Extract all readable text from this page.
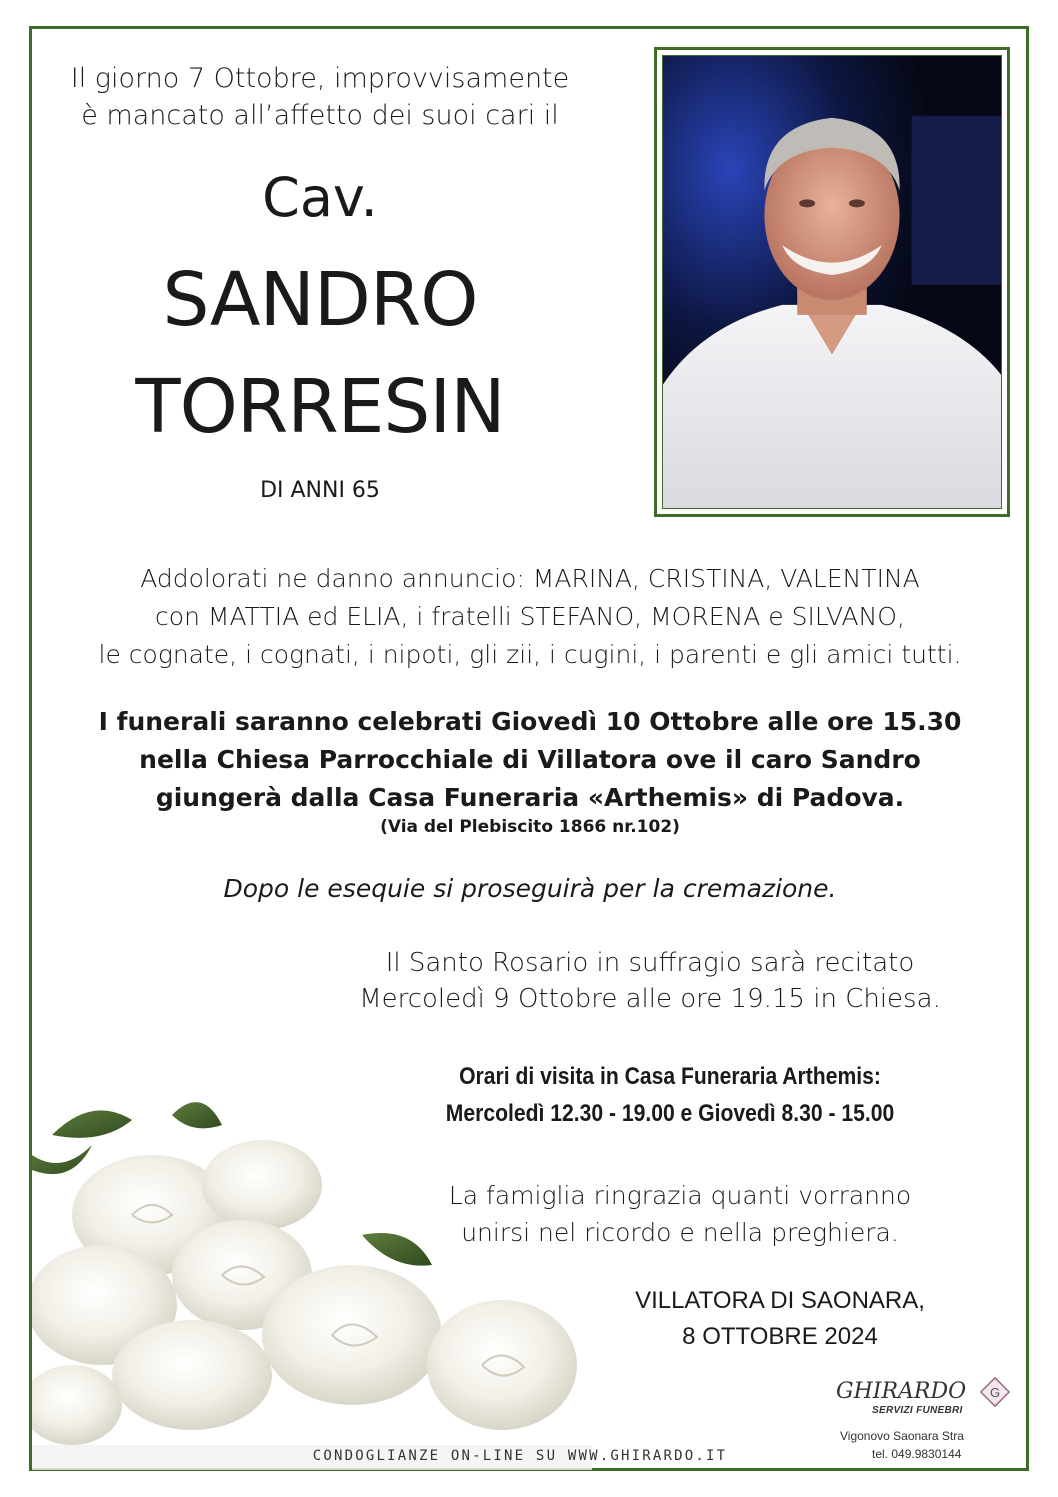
Il giorno 7 Ottobre, improvvisamente
è mancato all’affetto dei suoi cari il
Cav.
SANDRO
TORRESIN
DI ANNI 65
Addolorati ne danno annuncio: MARINA, CRISTINA, VALENTINA
con MATTIA ed ELIA, i fratelli STEFANO, MORENA e SILVANO,
le cognate, i cognati, i nipoti, gli zii, i cugini, i parenti e gli amici tutti.
I funerali saranno celebrati Giovedì 10 Ottobre alle ore 15.30
nella Chiesa Parrocchiale di Villatora ove il caro Sandro
giungerà dalla Casa Funeraria «Arthemis» di Padova.
(Via del Plebiscito 1866 nr.102)
Dopo le esequie si proseguirà per la cremazione.
Il Santo Rosario in suffragio sarà recitato
Mercoledì 9 Ottobre alle ore 19.15 in Chiesa.
Orari di visita in Casa Funeraria Arthemis:
Mercoledì 12.30 - 19.00 e Giovedì 8.30 - 15.00
La famiglia ringrazia quanti vorranno
unirsi nel ricordo e nella preghiera.
VILLATORA DI SAONARA,
8 OTTOBRE 2024
GHIRARDO
SERVIZI FUNEBRI
G
Vigonovo Saonara Stra
tel. 049.9830144
CONDOGLIANZE ON-LINE SU WWW.GHIRARDO.IT
